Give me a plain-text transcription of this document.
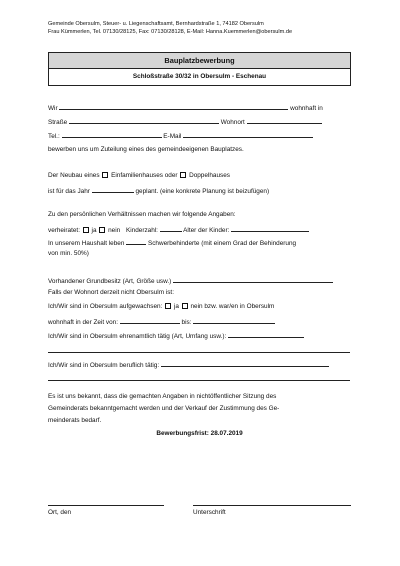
Gemeinde Obersulm, Steuer- u. Liegenschaftsamt, Bernhardstraße 1, 74182 Obersulm
Frau Kümmerlen, Tel. 07130/28125, Fax: 07130/28128, E-Mail: Hanna.Kuemmerlen@obersulm.de
Bauplatzbewerbung
Schloßstraße 30/32 in Obersulm - Eschenau
Wir	wohnhaft in
Straße	Wohnort
Tel.:	E-Mail
bewerben uns um Zuteilung eines des gemeindeeigenen Bauplatzes.
Der Neubau eines Einfamilienhauses oder Doppelhauses
ist für das Jahr	geplant. (eine konkrete Planung ist beizufügen)
Zu den persönlichen Verhältnissen machen wir folgende Angaben:
verheiratet: ja nein Kinderzahl:	Alter der Kinder:
In unserem Haushalt leben	Schwerbehinderte (mit einem Grad der Behinderung
von min. 50%)
Vorhandener Grundbesitz (Art, Größe usw.)
Falls der Wohnort derzeit nicht Obersulm ist:
Ich/Wir sind in Obersulm aufgewachsen: ja nein bzw. war/en in Obersulm
wohnhaft in der Zeit von:	bis:
Ich/Wir sind in Obersulm ehrenamtlich tätig (Art, Umfang usw.):
Ich/Wir sind in Obersulm beruflich tätig:
Es ist uns bekannt, dass die gemachten Angaben in nichtöffentlicher Sitzung des
Gemeinderats bekanntgemacht werden und der Verkauf der Zustimmung des Ge-
meinderats bedarf.
Bewerbungsfrist: 28.07.2019
Ort, den	Unterschrift
